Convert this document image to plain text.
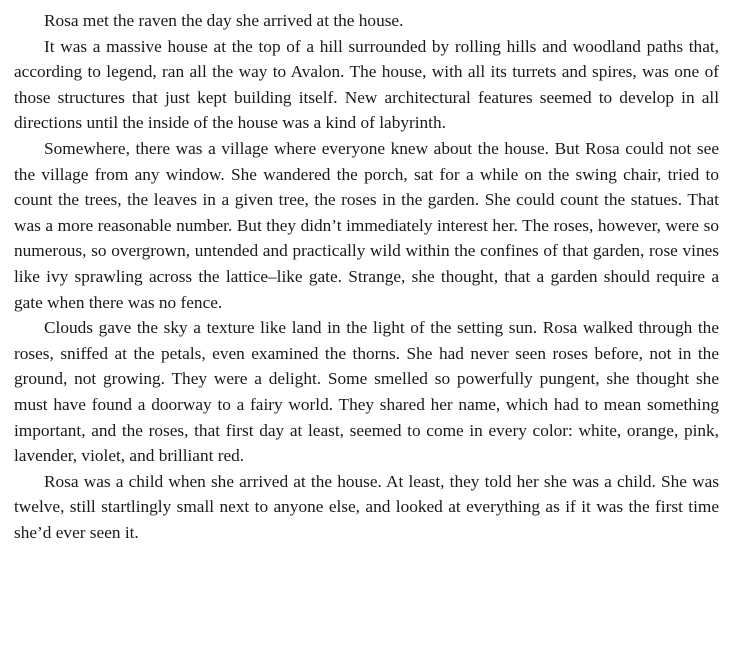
Rosa met the raven the day she arrived at the house.

It was a massive house at the top of a hill surrounded by rolling hills and woodland paths that, according to legend, ran all the way to Avalon. The house, with all its turrets and spires, was one of those structures that just kept building itself. New architectural features seemed to develop in all directions until the inside of the house was a kind of labyrinth.

Somewhere, there was a village where everyone knew about the house. But Rosa could not see the village from any window. She wandered the porch, sat for a while on the swing chair, tried to count the trees, the leaves in a given tree, the roses in the garden. She could count the statues. That was a more reasonable number. But they didn’t immediately interest her. The roses, however, were so numerous, so overgrown, untended and practically wild within the confines of that garden, rose vines like ivy sprawling across the lattice–like gate. Strange, she thought, that a garden should require a gate when there was no fence.

Clouds gave the sky a texture like land in the light of the setting sun. Rosa walked through the roses, sniffed at the petals, even examined the thorns. She had never seen roses before, not in the ground, not growing. They were a delight. Some smelled so powerfully pungent, she thought she must have found a doorway to a fairy world. They shared her name, which had to mean something important, and the roses, that first day at least, seemed to come in every color: white, orange, pink, lavender, violet, and brilliant red.

Rosa was a child when she arrived at the house. At least, they told her she was a child. She was twelve, still startlingly small next to anyone else, and looked at everything as if it was the first time she’d ever seen it.
